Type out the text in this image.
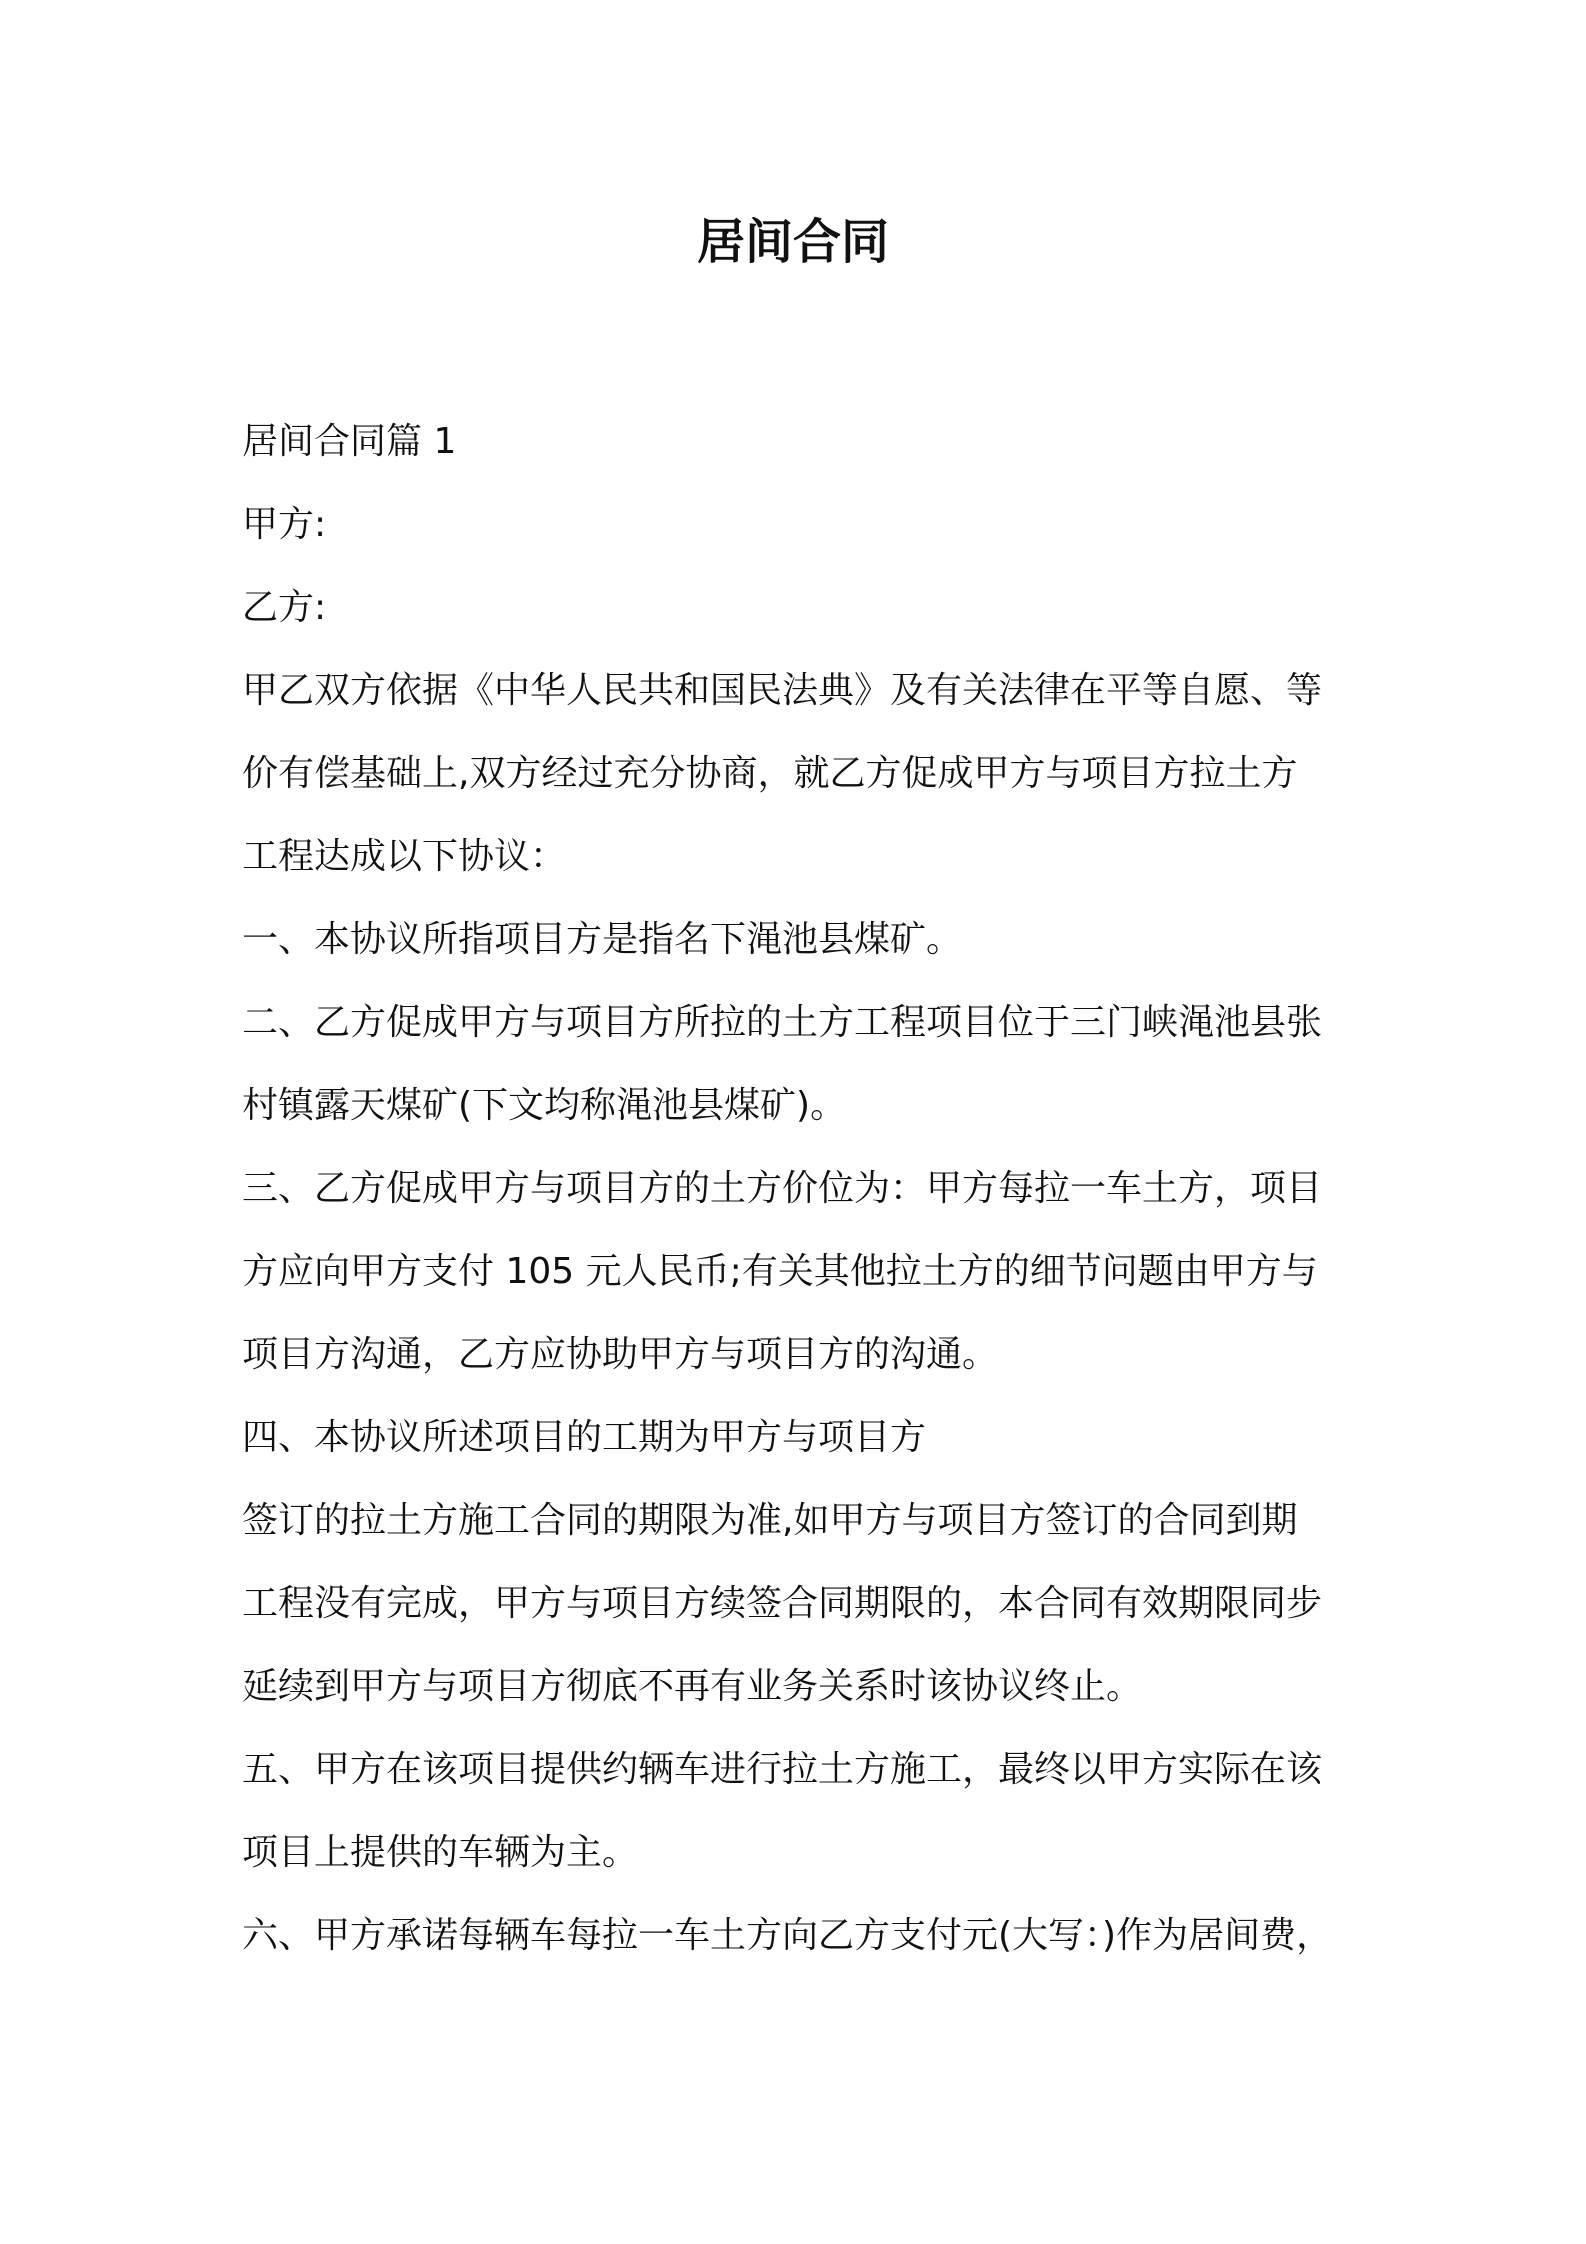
居间合同

居间合同篇 1

甲方:

乙方:

甲乙双方依据《中华人民共和国民法典》及有关法律在平等自愿、等

价有偿基础上,双方经过充分协商，就乙方促成甲方与项目方拉土方

工程达成以下协议：

一、本协议所指项目方是指名下渑池县煤矿。

二、乙方促成甲方与项目方所拉的土方工程项目位于三门峡渑池县张

村镇露天煤矿(下文均称渑池县煤矿)。

三、乙方促成甲方与项目方的土方价位为：甲方每拉一车土方，项目

方应向甲方支付 105 元人民币;有关其他拉土方的细节问题由甲方与

项目方沟通，乙方应协助甲方与项目方的沟通。

四、本协议所述项目的工期为甲方与项目方

签订的拉土方施工合同的期限为准,如甲方与项目方签订的合同到期

工程没有完成，甲方与项目方续签合同期限的，本合同有效期限同步

延续到甲方与项目方彻底不再有业务关系时该协议终止。

五、甲方在该项目提供约辆车进行拉土方施工，最终以甲方实际在该

项目上提供的车辆为主。

六、甲方承诺每辆车每拉一车土方向乙方支付元(大写：)作为居间费，
